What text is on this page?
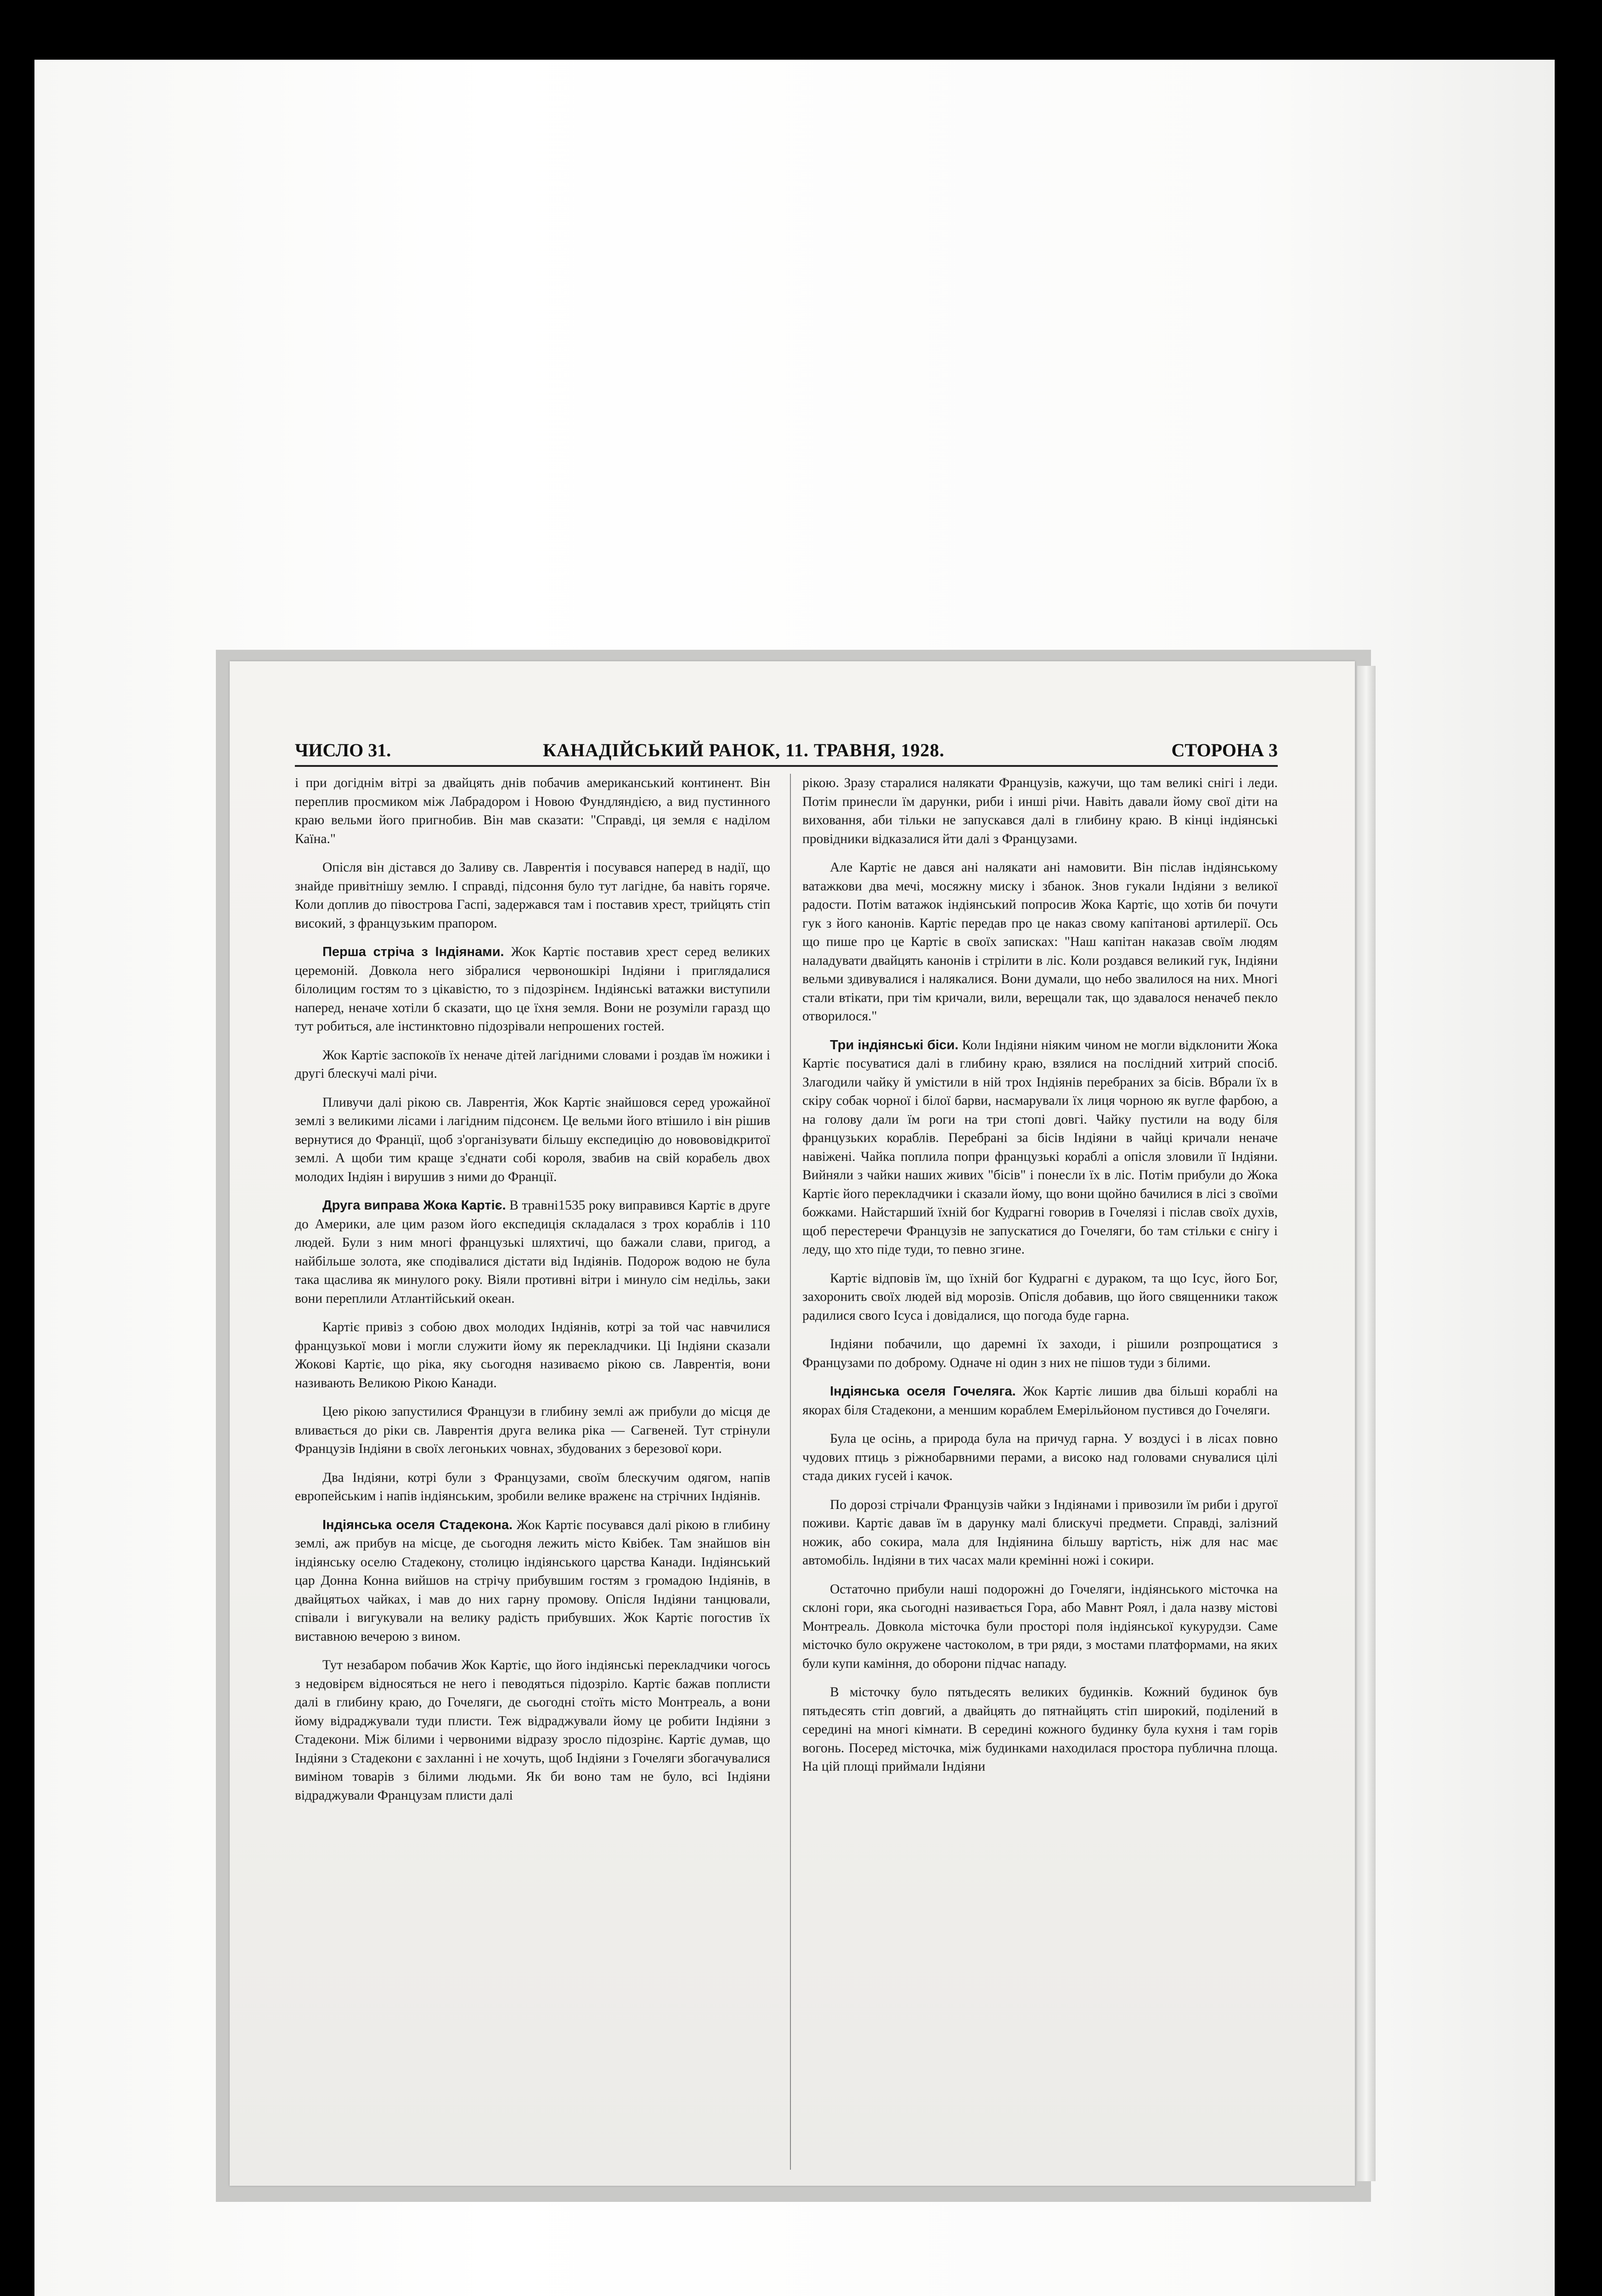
ЧИСЛО 31.	КАНАДІЙСЬКИЙ РАНОК, 11. ТРАВНЯ, 1928.	СТОРОНА 3

і при догіднім вітрі за двайцять днів побачив американський континент. Він переплив просмиком між Лабрадором і Новою Фундляндією, а вид пустинного краю вельми його пригнобив. Він мав сказати: "Справді, ця земля є наділом Каїна."

Опісля він дістався до Заливу св. Лаврентія і посувався наперед в надії, що знайде привітнішу землю. І справді, підсоння було тут лагідне, ба навіть горяче. Коли доплив до півострова Гаспі, задержався там і поставив хрест, трийцять стіп високий, з французьким прапором.

Перша стріча з Індіянами. Жок Картіє поставив хрест серед великих церемоній. Довкола него зібралися червоношкірі Індіяни і приглядалися білолицим гостям то з цікавістю, то з підозрінєм. Індіянські ватажки виступили наперед, неначе хотіли б сказати, що це їхня земля. Вони не розуміли гаразд що тут робиться, але інстинктовно підозрівали непрошених гостей.

Жок Картіє заспокоїв їх неначе дітей лагідними словами і роздав їм ножики і другі блескучі малі річи.

Пливучи далі рікою св. Лаврентія, Жок Картіє знайшовся серед урожайної землі з великими лісами і лагідним підсонєм. Це вельми його втішило і він рішив вернутися до Франції, щоб з'організувати більшу експедицію до новововідкритої землі. А щоби тим краще з'єднати собі короля, звабив на свій корабель двох молодих Індіян і вирушив з ними до Франції.

Друга виправа Жока Картіє. В травні1535 року виправився Картіє в друге до Америки, але цим разом його експедиція складалася з трох кораблів і 110 людей. Були з ним многі французькі шляхтичі, що бажали слави, пригод, а найбільше золота, яке сподівалися дістати від Індіянів. Подорож водою не була така щаслива як минулого року. Віяли противні вітри і минуло сім недільь, заки вони переплили Атлантійський океан.

Картіє привіз з собою двох молодих Індіянів, котрі за той час навчилися французької мови і могли служити йому як перекладчики. Ці Індіяни сказали Жокові Картіє, що ріка, яку сьогодня називаємо рікою св. Лаврентія, вони називають Великою Рікою Канади.

Цею рікою запустилися Французи в глибину землі аж прибули до місця де вливається до ріки св. Лаврентія друга велика ріка — Сагвеней. Тут стрінули Французів Індіяни в своїх легоньких човнах, збудованих з березової кори.

Два Індіяни, котрі були з Французами, своїм блескучим одягом, напів европейським і напів індіянським, зробили велике враженє на стрічних Індіянів.

Індіянська оселя Стадекона. Жок Картіє посувався далі рікою в глибину землі, аж прибув на місце, де сьогодня лежить місто Квібек. Там знайшов він індіянську оселю Стадекону, столицю індіянського царства Канади. Індіянський цар Донна Конна вийшов на стрічу прибувшим гостям з громадою Індіянів, в двайцятьох чайках, і мав до них гарну промову. Опісля Індіяни танцювали, співали і вигукували на велику радість прибувших. Жок Картіє погостив їх виставною вечерою з вином.

Тут незабаром побачив Жок Картіє, що його індіянські перекладчики чогось з недовірєм відносяться не него і певодяться підозріло. Картіє бажав поплисти далі в глибину краю, до Гочеляги, де сьогодні стоїть місто Монтреаль, а вони йому відраджували туди плисти. Теж відраджували йому це робити Індіяни з Стадекони. Між білими і червоними відразу зросло підозрінє. Картіє думав, що Індіяни з Стадекони є захланні і не хочуть, щоб Індіяни з Гочеляги збогачувалися виміном товарів з білими людьми. Як би воно там не було, всі Індіяни відраджували Французам плисти далі

рікою. Зразу старалися налякати Французів, кажучи, що там великі снігі і леди. Потім принесли їм дарунки, риби і инші річи. Навіть давали йому свої діти на виховання, аби тільки не запускався далі в глибину краю. В кінці індіянські провідники відказалися йти далі з Французами.

Але Картіє не дався ані налякати ані намовити. Він післав індіянському ватажкови два мечі, мосяжну миску і збанок. Знов гукали Індіяни з великої радости. Потім ватажок індіянський попросив Жока Картіє, що хотів би почути гук з його канонів. Картіє передав про це наказ свому капітанові артилерії. Ось що пише про це Картіє в своїх записках: "Наш капітан наказав своїм людям наладувати двайцять канонів і стрілити в ліс. Коли роздався великий гук, Індіяни вельми здивувалися і налякалися. Вони думали, що небо звалилося на них. Многі стали втікати, при тім кричали, вили, верещали так, що здавалося неначеб пекло отворилося."

Три індіянські біси. Коли Індіяни ніяким чином не могли відклонити Жока Картіє посуватися далі в глибину краю, взялися на послідний хитрий спосіб. Злагодили чайку й умістили в ній трох Індіянів перебраних за бісів. Вбрали їх в скіру собак чорної і білої барви, насмарували їх лиця чорною як вугле фарбою, а на голову дали їм роги на три стопі довгі. Чайку пустили на воду біля французьких кораблів. Перебрані за бісів Індіяни в чайці кричали неначе навіжені. Чайка поплила попри французькі кораблі а опісля зловили її Індіяни. Вийняли з чайки наших живих "бісів" і понесли їх в ліс. Потім прибули до Жока Картіє його перекладчики і сказали йому, що вони щойно бачилися в лісі з своїми божками. Найстарший їхній бог Кудрагні говорив в Гочелязі і післав своїх духів, щоб перестеречи Французів не запускатися до Гочеляги, бо там стільки є снігу і леду, що хто піде туди, то певно згине.

Картіє відповів їм, що їхній бог Кудрагні є дураком, та що Ісус, його Бог, захоронить своїх людей від морозів. Опісля добавив, що його священники також радилися свого Ісуса і довідалися, що погода буде гарна.

Індіяни побачили, що даремні їх заходи, і рішили розпрощатися з Французами по доброму. Одначе ні один з них не пішов туди з білими.

Індіянська оселя Гочеляга. Жок Картіє лишив два більші кораблі на якорах біля Стадекони, а меншим кораблем Емерільйоном пустився до Гочеляги.

Була це осінь, а природа була на причуд гарна. У воздусі і в лісах повно чудових птиць з ріжнобарвними перами, а високо над головами снувалися цілі стада диких гусей і качок.

По дорозі стрічали Французів чайки з Індіянами і привозили їм риби і другої поживи. Картіє давав їм в дарунку малі блискучі предмети. Справді, залізний ножик, або сокира, мала для Індіянина більшу вартість, ніж для нас має автомобіль. Індіяни в тих часах мали кремінні ножі і сокири.

Остаточно прибули наші подорожні до Гочеляги, індіянського місточка на склоні гори, яка сьогодні називається Гора, або Мавнт Роял, і дала назву містові Монтреаль. Довкола місточка були просторі поля індіянської кукурудзи. Саме місточко було окружене частоколом, в три ряди, з мостами платформами, на яких були купи каміння, до оборони підчас нападу.

В місточку було пятьдесять великих будинків. Кожний будинок був пятьдесять стіп довгий, а двайцять до пятнайцять стіп широкий, поділений в середині на многі кімнати. В середині кожного будинку була кухня і там горів вогонь. Посеред місточка, між будинками находилася простора публична площа. На цій площі приймали Індіяни
